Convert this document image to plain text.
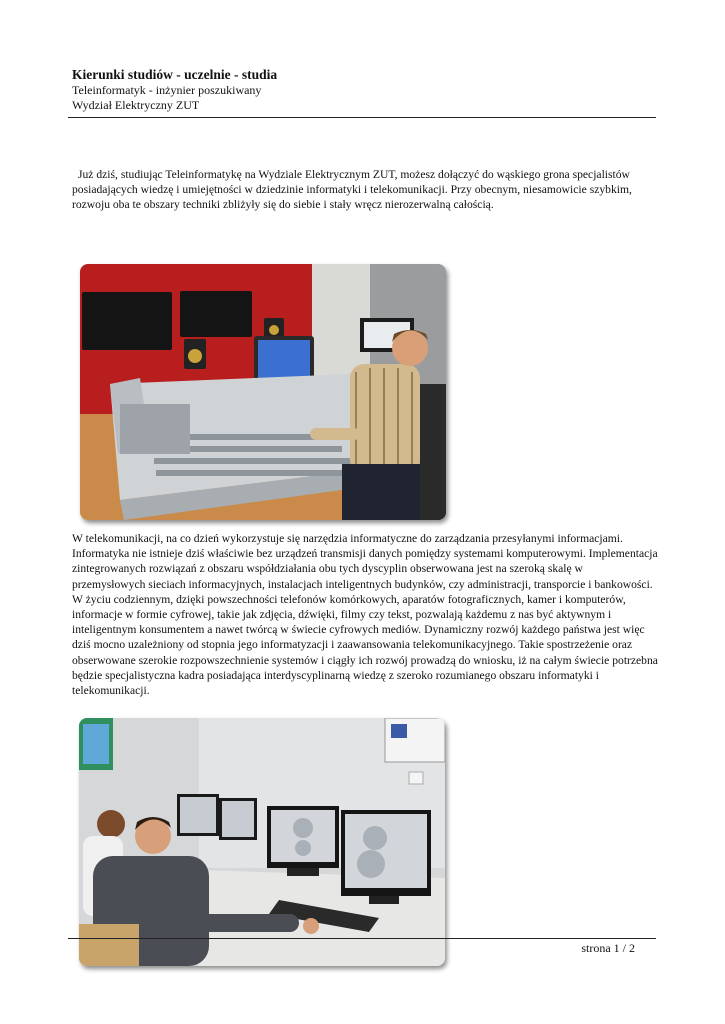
Kierunki studiów - uczelnie - studia
Teleinformatyk - inżynier poszukiwany
Wydział Elektryczny ZUT

Już dziś, studiując Teleinformatykę na Wydziale Elektrycznym ZUT, możesz dołączyć do wąskiego grona specjalistów posiadających wiedzę i umiejętności w dziedzinie informatyki i telekomunikacji. Przy obecnym, niesamowicie szybkim, rozwoju oba te obszary techniki zbliżyły się do siebie i stały wręcz nierozerwalną całością.

W telekomunikacji, na co dzień wykorzystuje się narzędzia informatyczne do zarządzania przesyłanymi informacjami. Informatyka nie istnieje dziś właściwie bez urządzeń transmisji danych pomiędzy systemami komputerowymi. Implementacja zintegrowanych rozwiązań z obszaru współdziałania obu tych dyscyplin obserwowana jest na szeroką skalę w przemysłowych sieciach informacyjnych, instalacjach inteligentnych budynków, czy administracji, transporcie i bankowości. W życiu codziennym, dzięki powszechności telefonów komórkowych, aparatów fotograficznych, kamer i komputerów, informacje w formie cyfrowej, takie jak zdjęcia, dźwięki, filmy czy tekst, pozwalają każdemu z nas być aktywnym i inteligentnym konsumentem a nawet twórcą w świecie cyfrowych mediów. Dynamiczny rozwój każdego państwa jest więc dziś mocno uzależniony od stopnia jego informatyzacji i zaawansowania telekomunikacyjnego. Takie spostrzeżenie oraz obserwowane szerokie rozpowszechnienie systemów i ciągły ich rozwój prowadzą do wniosku, iż na całym świecie potrzebna będzie specjalistyczna kadra posiadająca interdyscyplinarną wiedzę z szeroko rozumianego obszaru informatyki i telekomunikacji.

strona 1 / 2
